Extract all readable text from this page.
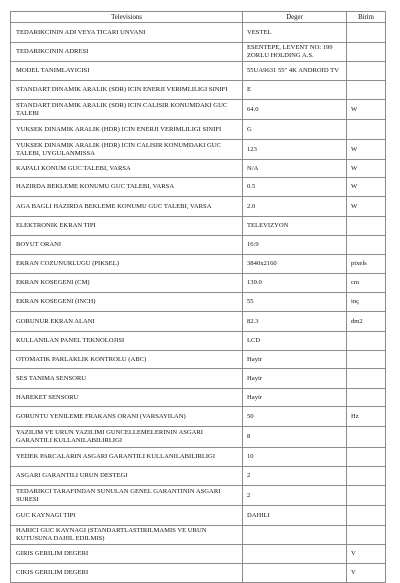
Televisions	Deger	Birim
TEDARIKCININ ADI VEYA TICARI UNVANI	VESTEL	
TEDARIKCININ ADRESI	ESENTEPE, LEVENT NO: 199 ZORLU HOLDING A.S.	
MODEL TANIMLAYICISI	55UA9631 55" 4K ANDROID TV	
STANDART DINAMIK ARALIK (SDR) ICIN ENERJI VERIMLILIGI SINIFI	E	
STANDART DINAMIK ARALIK (SDR) ICIN CALISIR KONUMDAKI GUC TALEBI	64.0	W
YUKSEK DINAMIK ARALIK (HDR) ICIN ENERJI VERIMLILIGI SINIFI	G	
YUKSEK DINAMIK ARALIK (HDR) ICIN CALISIR KONUMDAKI GUC TALEBI, UYGULANMISSA	123	W
KAPALI KONUM GUC TALEBI, VARSA	N/A	W
HAZIRDA BEKLEME KONUMU GUC TALEBI, VARSA	0.5	W
AGA BAGLI HAZIRDA BEKLEME KONUMU GUC TALEBI, VARSA	2.0	W
ELEKTRONIK EKRAN TIPI	TELEVIZYON	
BOYUT ORANI	16:9	
EKRAN COZUNURLUGU (PIKSEL)	3840x2160	pixels
EKRAN KOSEGENI (CM)	139.0	cm
EKRAN KOSEGENI (INCH)	55	inç
GORUNUR EKRAN ALANI	82.3	dm2
KULLANILAN PANEL TEKNOLOJISI	LCD	
OTOMATIK PARLAKLIK KONTROLU (ABC)	Hayir	
SES TANIMA SENSORU	Hayir	
HAREKET SENSORU	Hayir	
GORUNTU YENILEME FRAKANS ORANI (VARSAYILAN)	50	Hz
YAZILIM VE URUN YAZILIMI GUNCELLEMELERININ ASGARI GARANTILI KULLANILABILIRLIGI	8	
YEDEK PARCALARIN ASGARI GARANTILI KULLANILABILIRLIGI	10	
ASGARI GARANTILI URUN DESTEGI	2	
TEDARIKCI TARAFINDAN SUNULAN GENEL GARANTININ ASGARI SURESI	2	
GUC KAYNAGI TIPI	DAHILI	
HARICI GUC KAYNAGI (STANDARTLASTIRILMAMIS VE URUN KUTUSUNA DAHIL EDILMIS)		
GIRIS GERILIM DEGERI		V
CIKIS GERILIM DEGERI		V
